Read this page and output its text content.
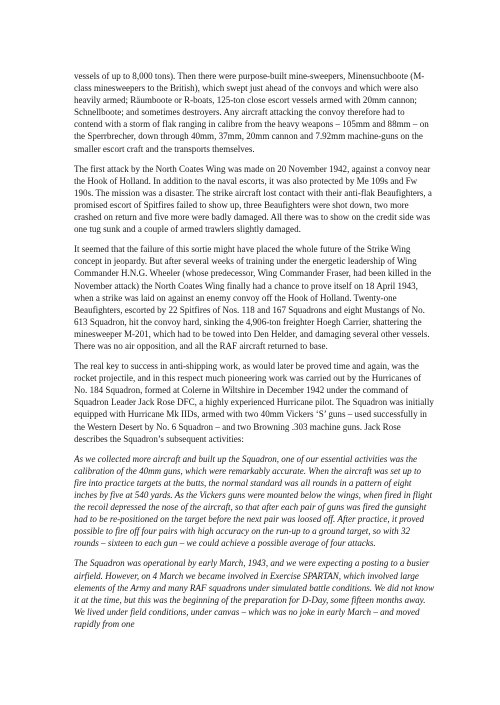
vessels of up to 8,000 tons). Then there were purpose-built mine-sweepers, Minensuchboote (M-class minesweepers to the British), which swept just ahead of the convoys and which were also heavily armed; Räumboote or R-boats, 125-ton close escort vessels armed with 20mm cannon; Schnellboote; and sometimes destroyers. Any aircraft attacking the convoy therefore had to contend with a storm of flak ranging in calibre from the heavy weapons – 105mm and 88mm – on the Sperrbrecher, down through 40mm, 37mm, 20mm cannon and 7.92mm machine-guns on the smaller escort craft and the transports themselves.

The first attack by the North Coates Wing was made on 20 November 1942, against a convoy near the Hook of Holland. In addition to the naval escorts, it was also protected by Me 109s and Fw 190s. The mission was a disaster. The strike aircraft lost contact with their anti-flak Beaufighters, a promised escort of Spitfires failed to show up, three Beaufighters were shot down, two more crashed on return and five more were badly damaged. All there was to show on the credit side was one tug sunk and a couple of armed trawlers slightly damaged.

It seemed that the failure of this sortie might have placed the whole future of the Strike Wing concept in jeopardy. But after several weeks of training under the energetic leadership of Wing Commander H.N.G. Wheeler (whose predecessor, Wing Commander Fraser, had been killed in the November attack) the North Coates Wing finally had a chance to prove itself on 18 April 1943, when a strike was laid on against an enemy convoy off the Hook of Holland. Twenty-one Beaufighters, escorted by 22 Spitfires of Nos. 118 and 167 Squadrons and eight Mustangs of No. 613 Squadron, hit the convoy hard, sinking the 4,906-ton freighter Hoegh Carrier, shattering the minesweeper M-201, which had to be towed into Den Helder, and damaging several other vessels. There was no air opposition, and all the RAF aircraft returned to base.

The real key to success in anti-shipping work, as would later be proved time and again, was the rocket projectile, and in this respect much pioneering work was carried out by the Hurricanes of No. 184 Squadron, formed at Colerne in Wiltshire in December 1942 under the command of Squadron Leader Jack Rose DFC, a highly experienced Hurricane pilot. The Squadron was initially equipped with Hurricane Mk IIDs, armed with two 40mm Vickers ‘S’ guns – used successfully in the Western Desert by No. 6 Squadron – and two Browning .303 machine guns. Jack Rose describes the Squadron’s subsequent activities:

As we collected more aircraft and built up the Squadron, one of our essential activities was the calibration of the 40mm guns, which were remarkably accurate. When the aircraft was set up to fire into practice targets at the butts, the normal standard was all rounds in a pattern of eight inches by five at 540 yards. As the Vickers guns were mounted below the wings, when fired in flight the recoil depressed the nose of the aircraft, so that after each pair of guns was fired the gunsight had to be re-positioned on the target before the next pair was loosed off. After practice, it proved possible to fire off four pairs with high accuracy on the run-up to a ground target, so with 32 rounds – sixteen to each gun – we could achieve a possible average of four attacks.

The Squadron was operational by early March, 1943, and we were expecting a posting to a busier airfield. However, on 4 March we became involved in Exercise SPARTAN, which involved large elements of the Army and many RAF squadrons under simulated battle conditions. We did not know it at the time, but this was the beginning of the preparation for D-Day, some fifteen months away. We lived under field conditions, under canvas – which was no joke in early March – and moved rapidly from one
